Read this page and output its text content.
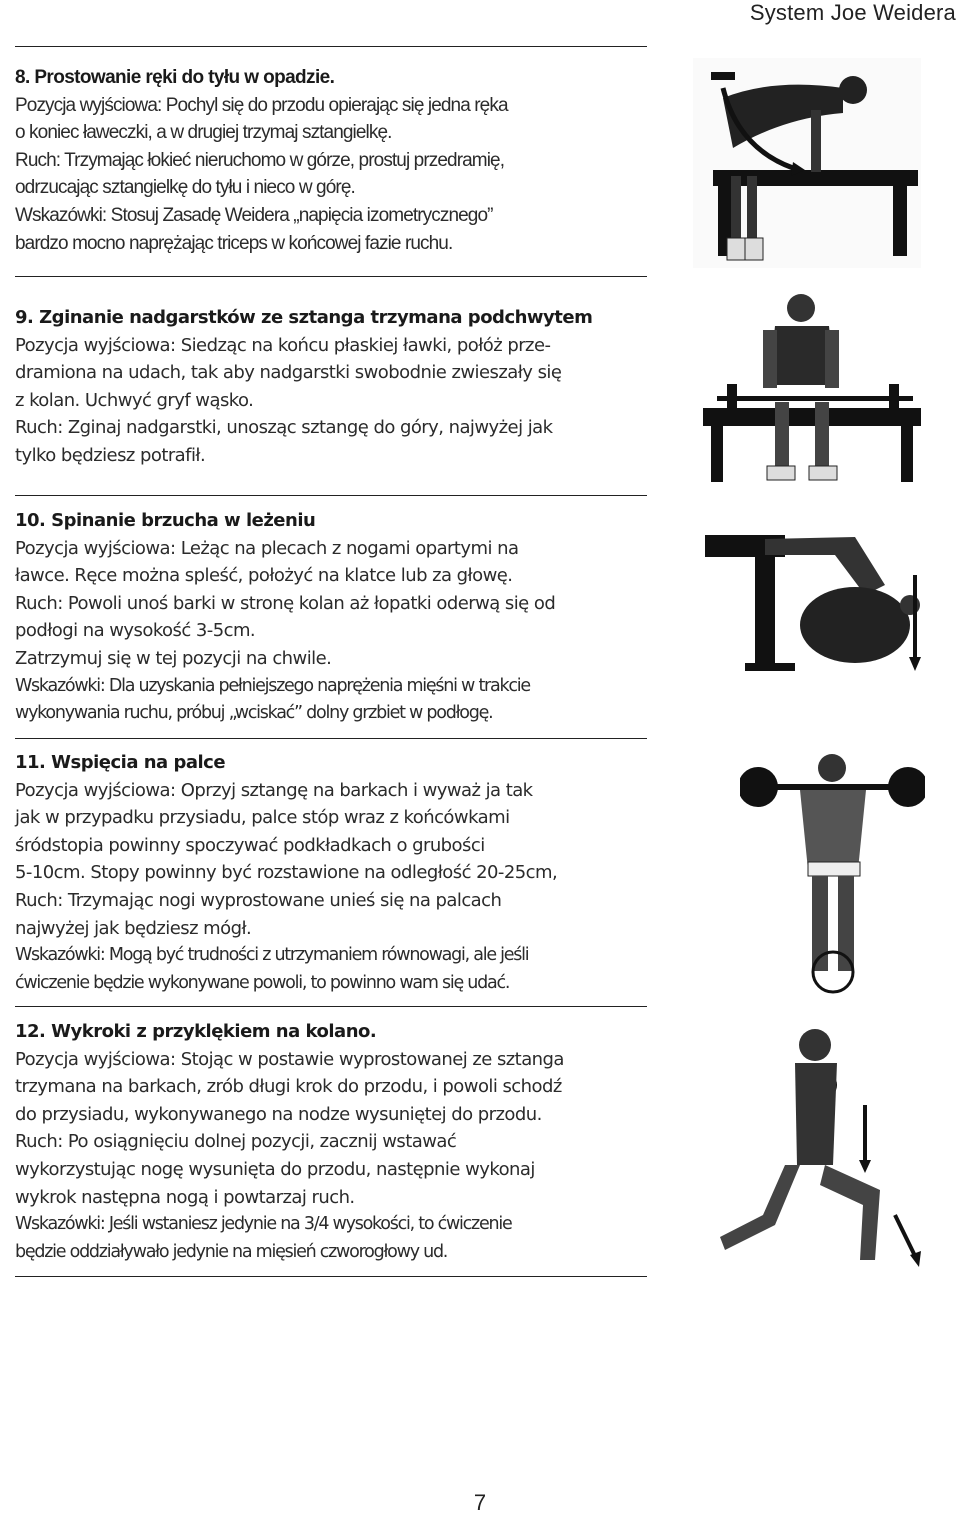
System Joe Weidera
8. Prostowanie ręki do tyłu w opadzie.
Pozycja wyjściowa: Pochyl się do przodu opierając się jedna ręka
o koniec ławeczki, a w drugiej trzymaj sztangielkę.
Ruch: Trzymając łokieć nieruchomo w górze, prostuj przedramię,
odrzucając sztangielkę do tyłu i nieco w górę.
Wskazówki: Stosuj Zasadę Weidera „napięcia izometrycznego”
bardzo mocno naprężając triceps w końcowej fazie ruchu.
9. Zginanie nadgarstków ze sztanga trzymana podchwytem
Pozycja wyjściowa: Siedząc na końcu płaskiej ławki, połóż prze-
dramiona na udach, tak aby nadgarstki swobodnie zwieszały się
z kolan. Uchwyć gryf wąsko.
Ruch: Zginaj nadgarstki, unosząc sztangę do góry, najwyżej jak
tylko będziesz potrafił.
10. Spinanie brzucha w leżeniu
Pozycja wyjściowa: Leżąc na plecach z nogami opartymi na
ławce. Ręce można spleść, położyć na klatce lub za głowę.
Ruch: Powoli unoś barki w stronę kolan aż łopatki oderwą się od
podłogi na wysokość 3-5cm.
Zatrzymuj się w tej pozycji na chwile.
Wskazówki: Dla uzyskania pełniejszego naprężenia mięśni w trakcie
wykonywania ruchu, próbuj „wciskać” dolny grzbiet w podłogę.
11. Wspięcia na palce
Pozycja wyjściowa: Oprzyj sztangę na barkach i wyważ ja tak
jak w przypadku przysiadu, palce stóp wraz z końcówkami
śródstopia powinny spoczywać podkładkach o grubości
5-10cm. Stopy powinny być rozstawione na odległość 20-25cm,
Ruch: Trzymając nogi wyprostowane unieś się na palcach
najwyżej jak będziesz mógł.
Wskazówki: Mogą być trudności z utrzymaniem równowagi, ale jeśli
ćwiczenie będzie wykonywane powoli, to powinno wam się udać.
12. Wykroki z przyklękiem na kolano.
Pozycja wyjściowa: Stojąc w postawie wyprostowanej ze sztanga
trzymana na barkach, zrób długi krok do przodu, i powoli schodź
do przysiadu, wykonywanego na nodze wysuniętej do przodu.
Ruch: Po osiągnięciu dolnej pozycji, zacznij wstawać
wykorzystując nogę wysunięta do przodu, następnie wykonaj
wykrok następna nogą i powtarzaj ruch.
Wskazówki: Jeśli wstaniesz jedynie na 3/4 wysokości, to ćwiczenie
będzie oddziaływało jedynie na mięsień czworogłowy ud.
7
